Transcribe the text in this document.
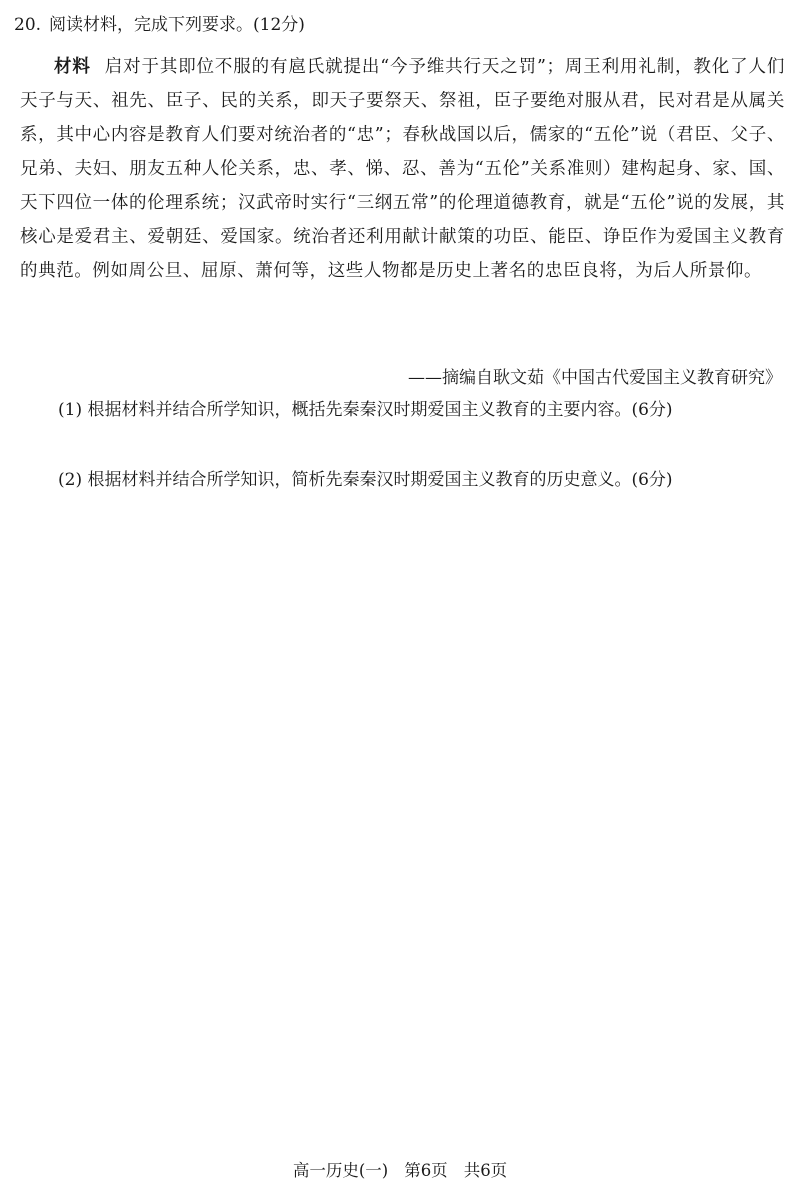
20. 阅读材料，完成下列要求。(12分)
材料 启对于其即位不服的有扈氏就提出“今予维共行天之罚”；周王利用礼制，教化了人们天子与天、祖先、臣子、民的关系，即天子要祭天、祭祖，臣子要绝对服从君，民对君是从属关系，其中心内容是教育人们要对统治者的“忠”；春秋战国以后，儒家的“五伦”说（君臣、父子、兄弟、夫妇、朋友五种人伦关系，忠、孝、悌、忍、善为“五伦”关系准则）建构起身、家、国、天下四位一体的伦理系统；汉武帝时实行“三纲五常”的伦理道德教育，就是“五伦”说的发展，其核心是爱君主、爱朝廷、爱国家。统治者还利用献计献策的功臣、能臣、诤臣作为爱国主义教育的典范。例如周公旦、屈原、萧何等，这些人物都是历史上著名的忠臣良将，为后人所景仰。
——摘编自耿文茹《中国古代爱国主义教育研究》
(1) 根据材料并结合所学知识，概括先秦秦汉时期爱国主义教育的主要内容。(6分)
(2) 根据材料并结合所学知识，简析先秦秦汉时期爱国主义教育的历史意义。(6分)
高一历史(一) 第6页 共6页
